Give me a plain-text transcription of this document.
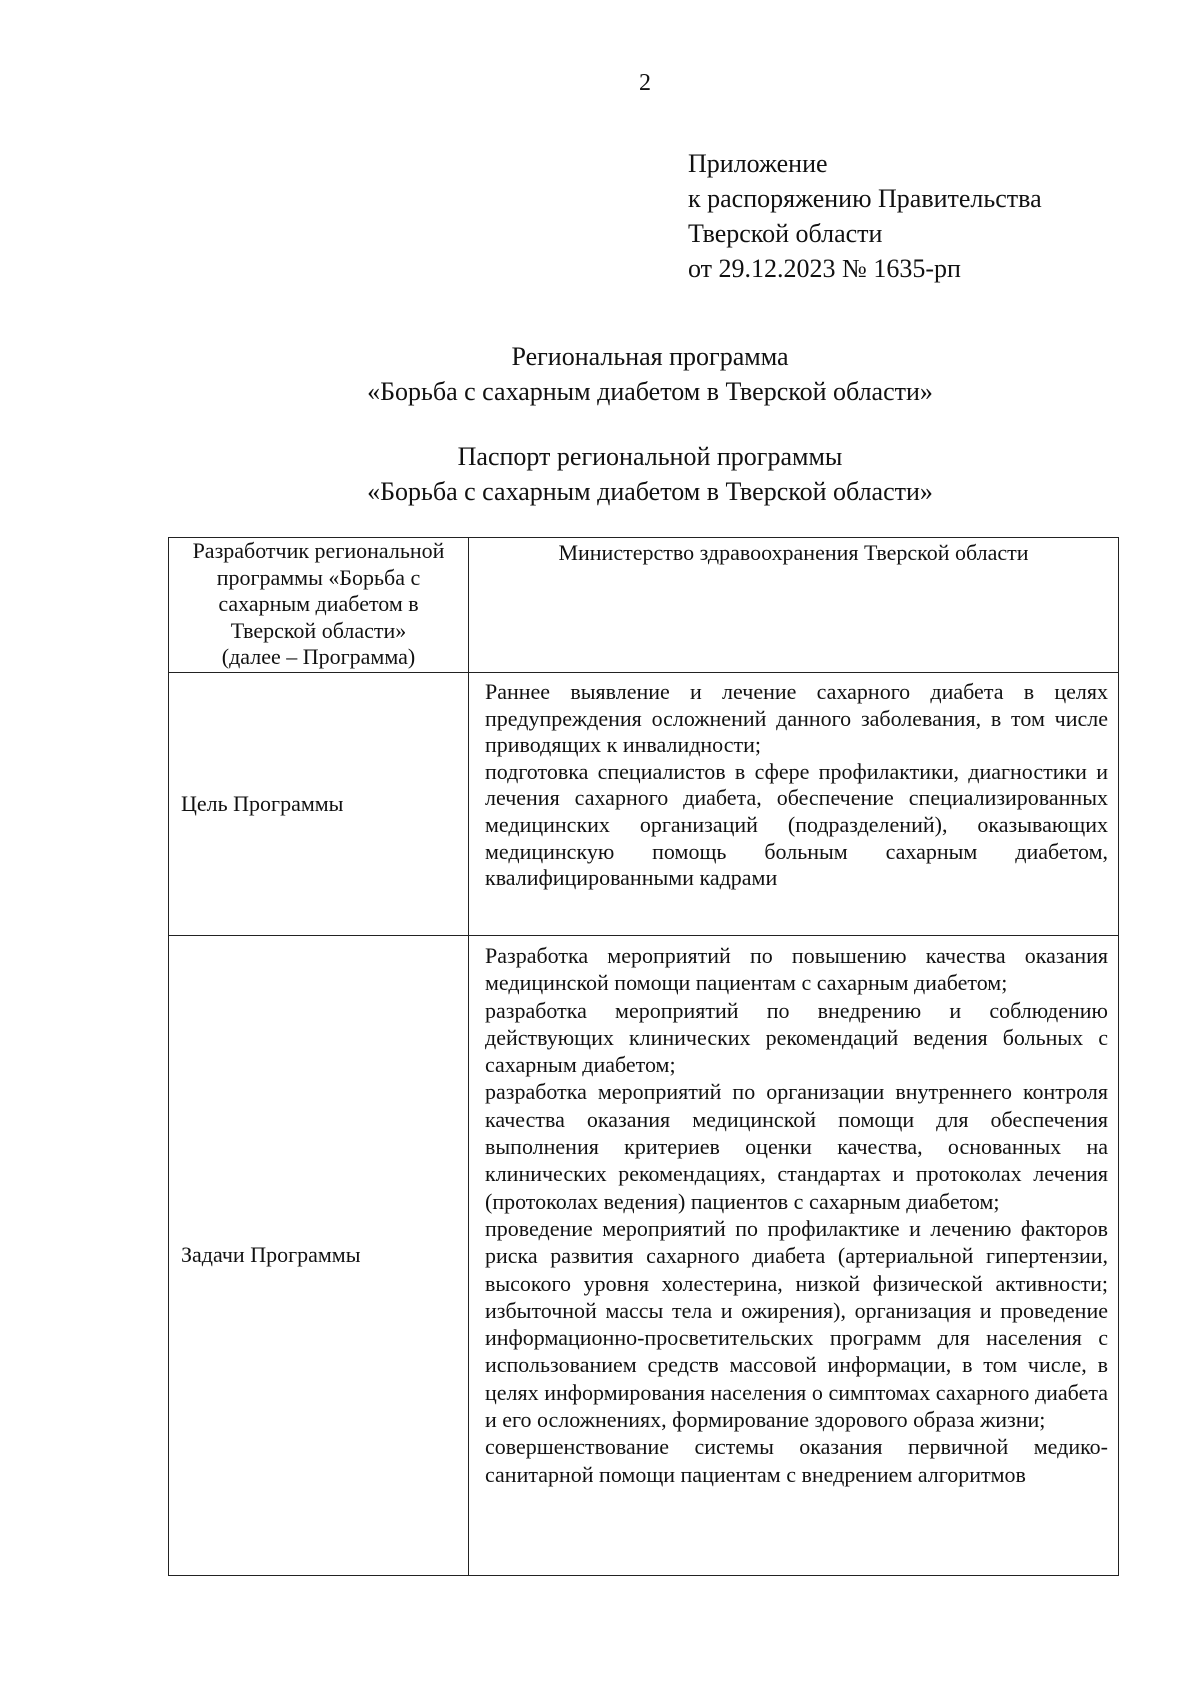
2
Приложение
к распоряжению Правительства
Тверской области
от 29.12.2023 № 1635-рп
Региональная программа
«Борьба с сахарным диабетом в Тверской области»
Паспорт региональной программы
«Борьба с сахарным диабетом в Тверской области»
Разработчик региональной
программы «Борьба с
сахарным диабетом в
Тверской области»
(далее – Программа)	Министерство здравоохранения Тверской области

Цель Программы	Раннее выявление и лечение сахарного диабета в целях предупреждения осложнений данного заболевания, в том числе приводящих к инвалидности;

подготовка специалистов в сфере профилактики, диагностики и лечения сахарного диабета, обеспечение специализированных медицинских организаций (подразделений), оказывающих медицинскую помощь больным сахарным диабетом, квалифицированными кадрами

Задачи Программы	Разработка мероприятий по повышению качества оказания медицинской помощи пациентам с сахарным диабетом;

разработка мероприятий по внедрению и соблюдению действующих клинических рекомендаций ведения больных с сахарным диабетом;

разработка мероприятий по организации внутреннего контроля качества оказания медицинской помощи для обеспечения выполнения критериев оценки качества, основанных на клинических рекомендациях, стандартах и протоколах лечения (протоколах ведения) пациентов с сахарным диабетом;

проведение мероприятий по профилактике и лечению факторов риска развития сахарного диабета (артериальной гипертензии, высокого уровня холестерина, низкой физической активности; избыточной массы тела и ожирения), организация и проведение информационно-просветительских программ для населения с использованием средств массовой информации, в том числе, в целях информирования населения о симптомах сахарного диабета и его осложнениях, формирование здорового образа жизни;

совершенствование системы оказания первичной медико-санитарной помощи пациентам с внедрением алгоритмов
